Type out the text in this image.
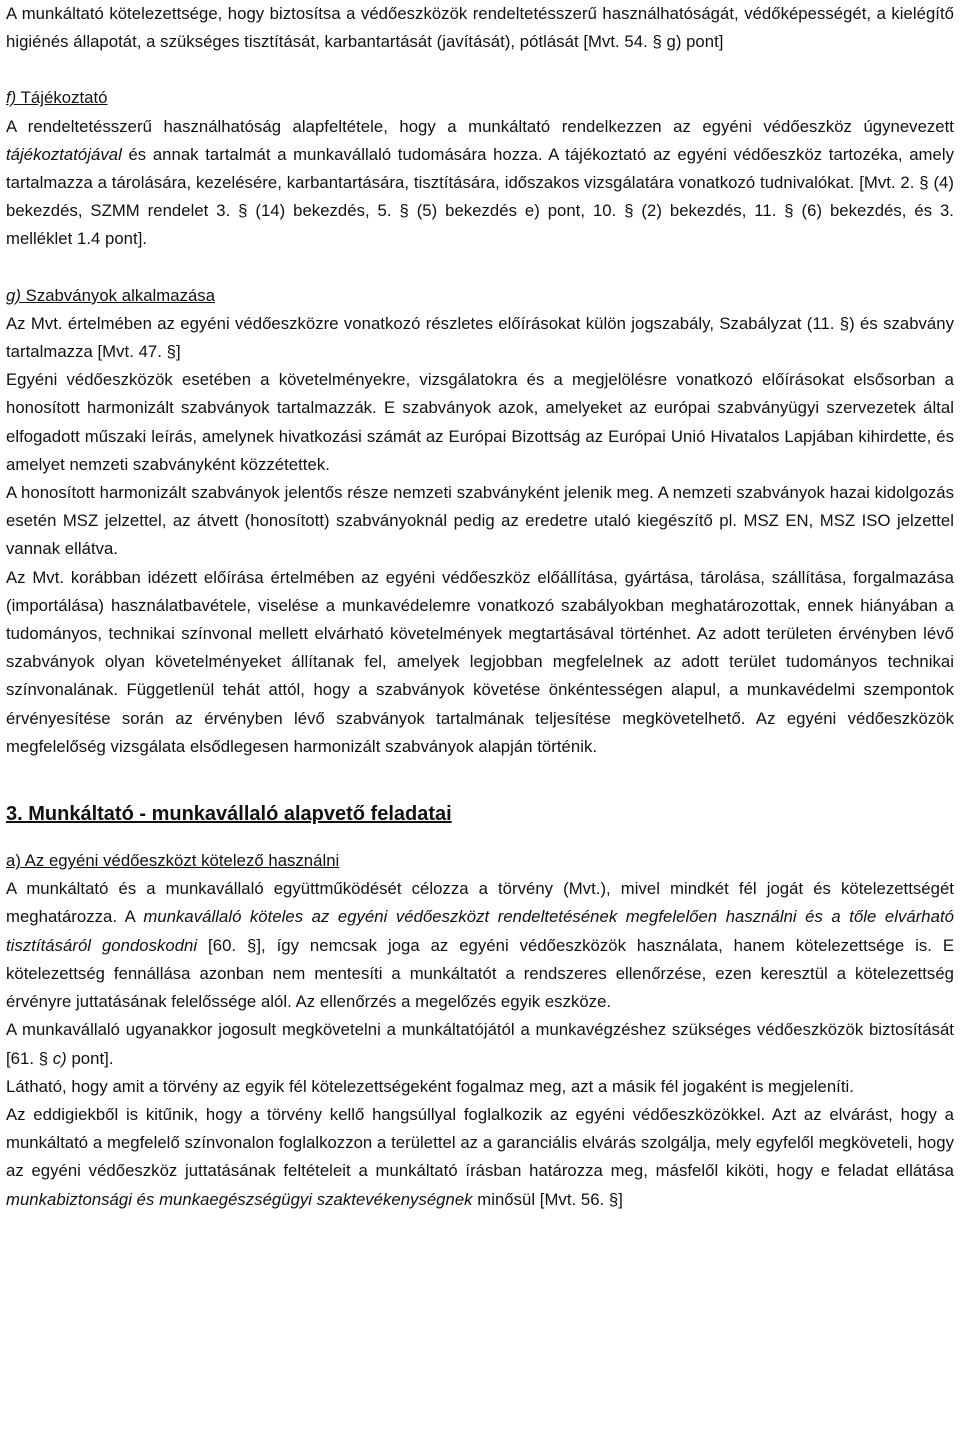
A munkáltató kötelezettsége, hogy biztosítsa a védőeszközök rendeltetésszerű használhatóságát, védőképességét, a kielégítő higiénés állapotát, a szükséges tisztítását, karbantartását (javítását), pótlását [Mvt. 54. § g) pont]

f) Tájékoztató

A rendeltetésszerű használhatóság alapfeltétele, hogy a munkáltató rendelkezzen az egyéni védőeszköz úgynevezett tájékoztatójával és annak tartalmát a munkavállaló tudomására hozza. A tájékoztató az egyéni védőeszköz tartozéka, amely tartalmazza a tárolására, kezelésére, karbantartására, tisztítására, időszakos vizsgálatára vonatkozó tudnivalókat. [Mvt. 2. § (4) bekezdés, SZMM rendelet 3. § (14) bekezdés, 5. § (5) bekezdés e) pont, 10. § (2) bekezdés, 11. § (6) bekezdés, és 3. melléklet 1.4 pont].

g) Szabványok alkalmazása

Az Mvt. értelmében az egyéni védőeszközre vonatkozó részletes előírásokat külön jogszabály, Szabályzat (11. §) és szabvány tartalmazza [Mvt. 47. §]

Egyéni védőeszközök esetében a követelményekre, vizsgálatokra és a megjelölésre vonatkozó előírásokat elsősorban a honosított harmonizált szabványok tartalmazzák. E szabványok azok, amelyeket az európai szabványügyi szervezetek által elfogadott műszaki leírás, amelynek hivatkozási számát az Európai Bizottság az Európai Unió Hivatalos Lapjában kihirdette, és amelyet nemzeti szabványként közzétettek.

A honosított harmonizált szabványok jelentős része nemzeti szabványként jelenik meg. A nemzeti szabványok hazai kidolgozás esetén MSZ jelzettel, az átvett (honosított) szabványoknál pedig az eredetre utaló kiegészítő pl. MSZ EN, MSZ ISO jelzettel vannak ellátva.

Az Mvt. korábban idézett előírása értelmében az egyéni védőeszköz előállítása, gyártása, tárolása, szállítása, forgalmazása (importálása) használatbavétele, viselése a munkavédelemre vonatkozó szabályokban meghatározottak, ennek hiányában a tudományos, technikai színvonal mellett elvárható követelmények megtartásával történhet. Az adott területen érvényben lévő szabványok olyan követelményeket állítanak fel, amelyek legjobban megfelelnek az adott terület tudományos technikai színvonalának. Függetlenül tehát attól, hogy a szabványok követése önkéntességen alapul, a munkavédelmi szempontok érvényesítése során az érvényben lévő szabványok tartalmának teljesítése megkövetelhető. Az egyéni védőeszközök megfelelőség vizsgálata elsődlegesen harmonizált szabványok alapján történik.

3. Munkáltató - munkavállaló alapvető feladatai

a) Az egyéni védőeszközt kötelező használni

A munkáltató és a munkavállaló együttműködését célozza a törvény (Mvt.), mivel mindkét fél jogát és kötelezettségét meghatározza. A munkavállaló köteles az egyéni védőeszközt rendeltetésének megfelelően használni és a tőle elvárható tisztításáról gondoskodni [60. §], így nemcsak joga az egyéni védőeszközök használata, hanem kötelezettsége is. E kötelezettség fennállása azonban nem mentesíti a munkáltatót a rendszeres ellenőrzése, ezen keresztül a kötelezettség érvényre juttatásának felelőssége alól. Az ellenőrzés a megelőzés egyik eszköze.

A munkavállaló ugyanakkor jogosult megkövetelni a munkáltatójától a munkavégzéshez szükséges védőeszközök biztosítását [61. § c) pont].

Látható, hogy amit a törvény az egyik fél kötelezettségeként fogalmaz meg, azt a másik fél jogaként is megjeleníti.

Az eddigiekből is kitűnik, hogy a törvény kellő hangsúllyal foglalkozik az egyéni védőeszközökkel. Azt az elvárást, hogy a munkáltató a megfelelő színvonalon foglalkozzon a területtel az a garanciális elvárás szolgálja, mely egyfelől megköveteli, hogy az egyéni védőeszköz juttatásának feltételeit a munkáltató írásban határozza meg, másfelől kiköti, hogy e feladat ellátása munkabiztonsági és munkaegészségügyi szaktevékenységnek minősül [Mvt. 56. §]
